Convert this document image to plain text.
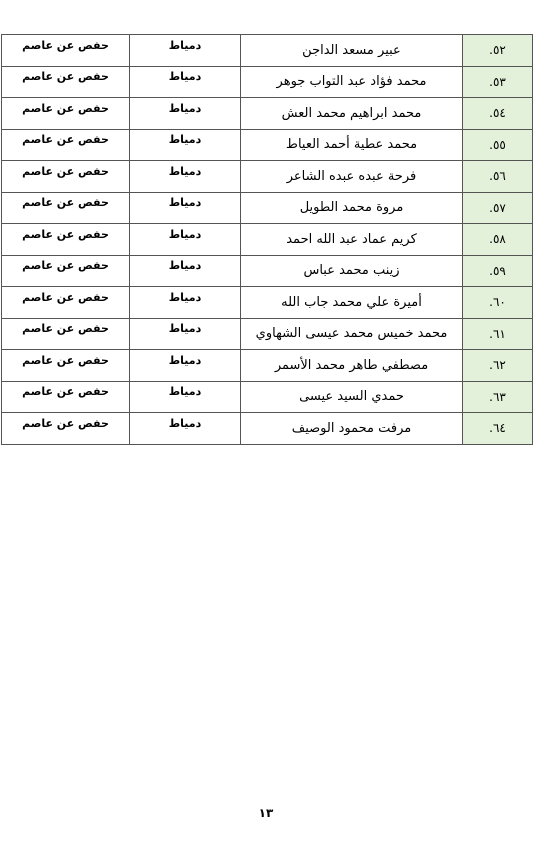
٥٢.	عبير مسعد الداجن	دمياط	حفص عن عاصم
٥٣.	محمد فؤاد عبد التواب جوهر	دمياط	حفص عن عاصم
٥٤.	محمد ابراهيم محمد العش	دمياط	حفص عن عاصم
٥٥.	محمد عطية أحمد العياط	دمياط	حفص عن عاصم
٥٦.	فرحة عبده عبده الشاعر	دمياط	حفص عن عاصم
٥٧.	مروة محمد الطويل	دمياط	حفص عن عاصم
٥٨.	كريم عماد عبد الله احمد	دمياط	حفص عن عاصم
٥٩.	زينب محمد عباس	دمياط	حفص عن عاصم
٦٠.	أميرة علي محمد جاب الله	دمياط	حفص عن عاصم
٦١.	محمد خميس محمد عيسى الشهاوي	دمياط	حفص عن عاصم
٦٢.	مصطفي طاهر محمد الأسمر	دمياط	حفص عن عاصم
٦٣.	حمدي السيد عيسى	دمياط	حفص عن عاصم
٦٤.	مرفت محمود الوصيف	دمياط	حفص عن عاصم
١٣
